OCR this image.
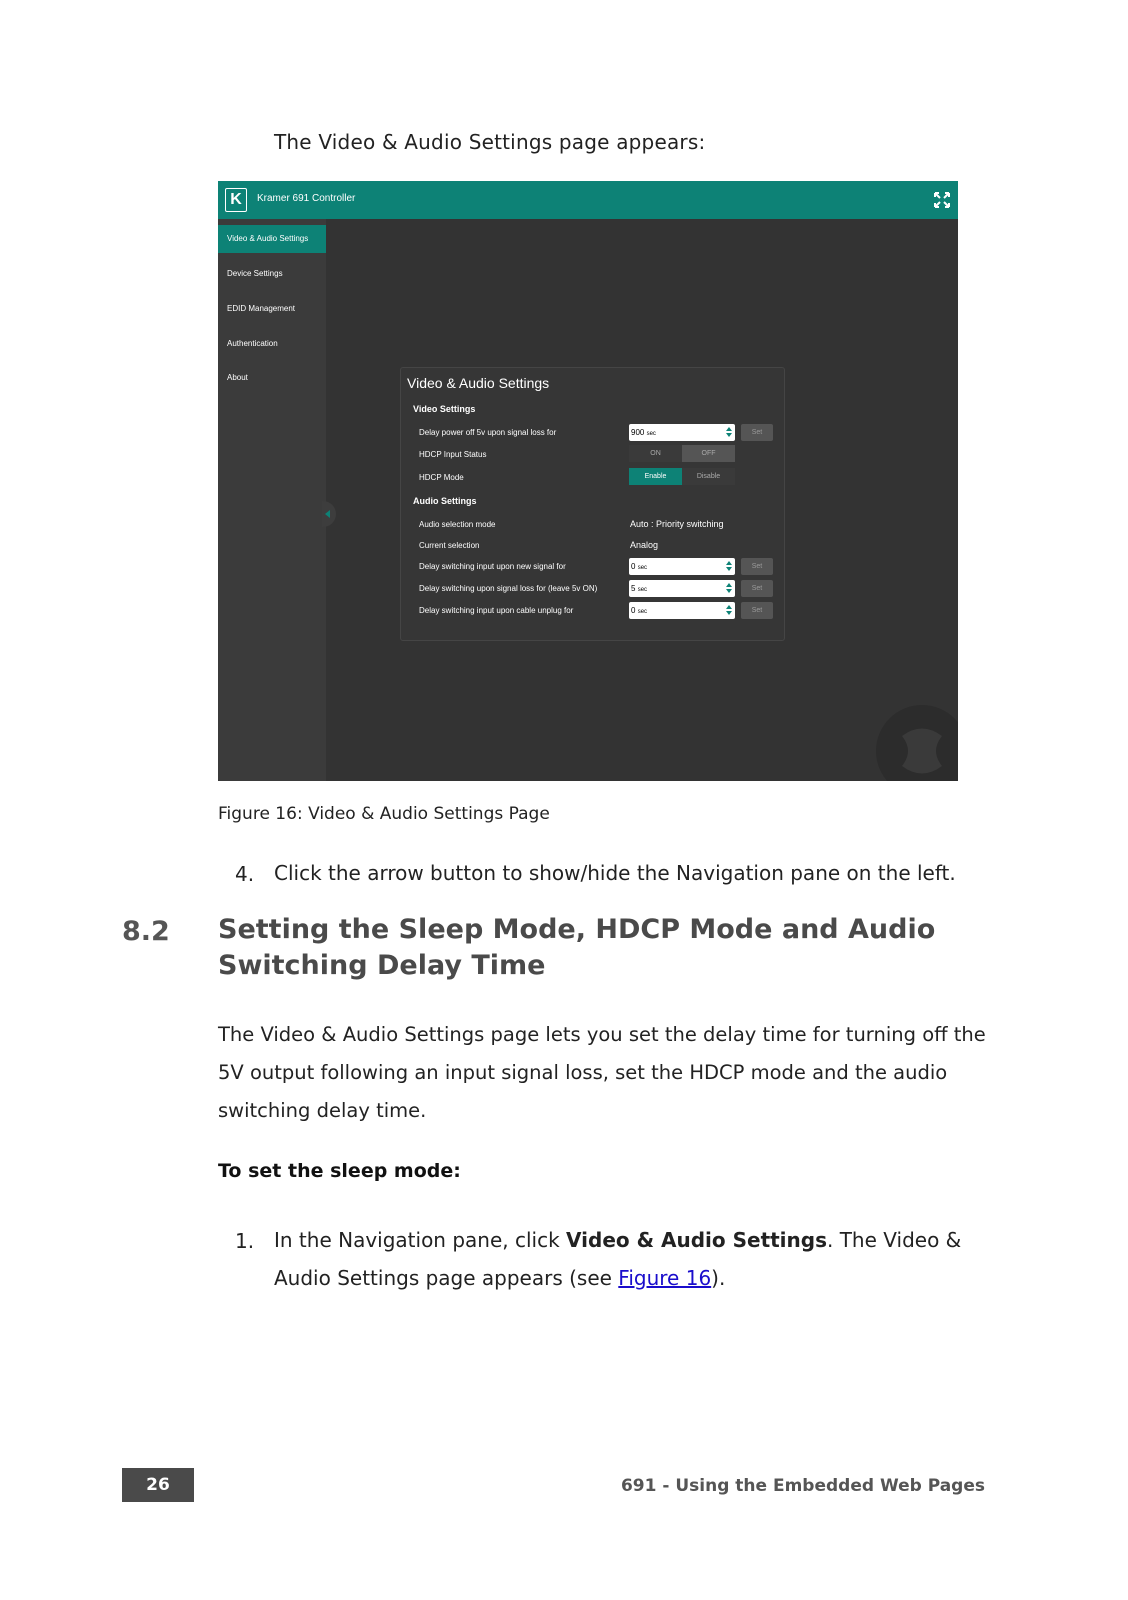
The Video & Audio Settings page appears:
K	Kramer 691 Controller
Video & Audio Settings
Device Settings
EDID Management
Authentication
About	Video & Audio Settings
Video Settings
Delay power off 5v upon signal loss for	900 sec	Set
HDCP Input Status	ON	OFF
HDCP Mode	Enable	Disable
Audio Settings
Audio selection mode	Auto : Priority switching
Current selection	Analog
Delay switching input upon new signal for	0 sec	Set
Delay switching upon signal loss for (leave 5v ON)	5 sec	Set
Delay switching input upon cable unplug for	0 sec	Set
Figure 16: Video & Audio Settings Page
4. Click the arrow button to show/hide the Navigation pane on the left.
8.2 Setting the Sleep Mode, HDCP Mode and Audio Switching Delay Time
The Video & Audio Settings page lets you set the delay time for turning off the 5V output following an input signal loss, set the HDCP mode and the audio switching delay time.
To set the sleep mode:
1. In the Navigation pane, click Video & Audio Settings. The Video & Audio Settings page appears (see Figure 16).
26	691 - Using the Embedded Web Pages
